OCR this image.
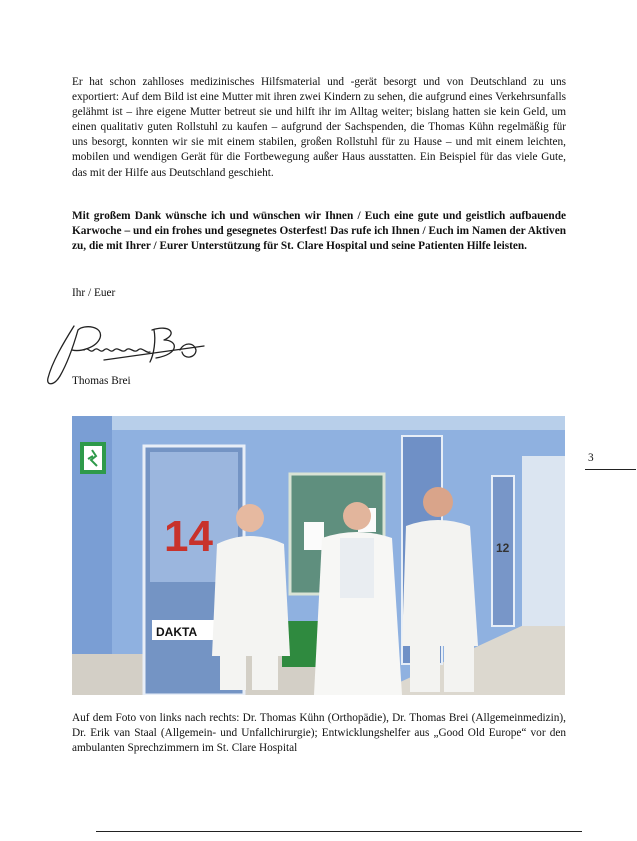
Er hat schon zahlloses medizinisches Hilfsmaterial und -gerät besorgt und von Deutschland zu uns exportiert: Auf dem Bild ist eine Mutter mit ihren zwei Kindern zu sehen, die aufgrund eines Verkehrsunfalls gelähmt ist – ihre eigene Mutter betreut sie und hilft ihr im Alltag weiter; bislang hatten sie kein Geld, um einen qualitativ guten Rollstuhl zu kaufen – aufgrund der Sachspenden, die Thomas Kühn regelmäßig für uns besorgt, konnten wir sie mit einem stabilen, großen Rollstuhl für zu Hause – und mit einem leichten, mobilen und wendigen Gerät für die Fortbewegung außer Haus ausstatten. Ein Beispiel für das viele Gute, das mit der Hilfe aus Deutschland geschieht.

Mit großem Dank wünsche ich und wünschen wir Ihnen / Euch eine gute und geistlich aufbauende Karwoche – und ein frohes und gesegnetes Osterfest! Das rufe ich Ihnen / Euch im Namen der Aktiven zu, die mit Ihrer / Eurer Unterstützung für St. Clare Hospital und seine Patienten Hilfe leisten.

Ihr / Euer

Thomas Brei

14
DAKTA
12

Auf dem Foto von links nach rechts: Dr. Thomas Kühn (Orthopädie), Dr. Thomas Brei (Allgemeinmedizin), Dr. Erik van Staal (Allgemein- und Unfallchirurgie); Entwicklungshelfer aus „Good Old Europe“ vor den ambulanten Sprechzimmern im St. Clare Hospital

3
